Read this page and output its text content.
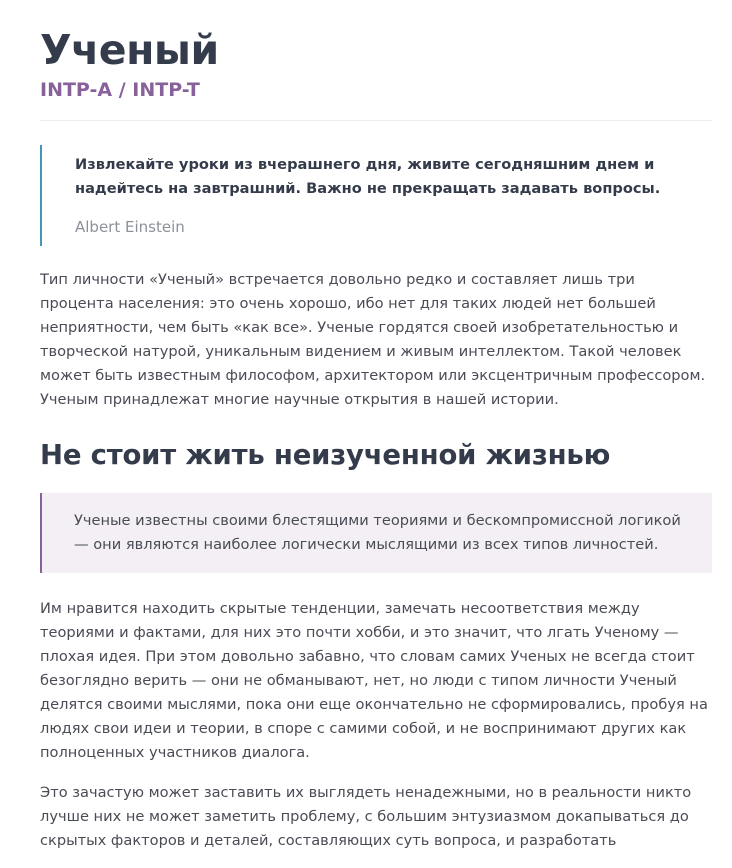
Ученый
INTP-A / INTP-T

Извлекайте уроки из вчерашнего дня, живите сегодняшним днем и надейтесь на завтрашний. Важно не прекращать задавать вопросы.

Albert Einstein

Тип личности «Ученый» встречается довольно редко и составляет лишь три процента населения: это очень хорошо, ибо нет для таких людей нет большей неприятности, чем быть «как все». Ученые гордятся своей изобретательностью и творческой натурой, уникальным видением и живым интеллектом. Такой человек может быть известным философом, архитектором или эксцентричным профессором. Ученым принадлежат многие научные открытия в нашей истории.

Не стоит жить неизученной жизнью

Ученые известны своими блестящими теориями и бескомпромиссной логикой — они являются наиболее логически мыслящими из всех типов личностей.

Им нравится находить скрытые тенденции, замечать несоответствия между теориями и фактами, для них это почти хобби, и это значит, что лгать Ученому — плохая идея. При этом довольно забавно, что словам самих Ученых не всегда стоит безоглядно верить — они не обманывают, нет, но люди с типом личности Ученый делятся своими мыслями, пока они еще окончательно не сформировались, пробуя на людях свои идеи и теории, в споре с самими собой, и не воспринимают других как полноценных участников диалога.

Это зачастую может заставить их выглядеть ненадежными, но в реальности никто лучше них не может заметить проблему, с большим энтузиазмом докапываться до скрытых факторов и деталей, составляющих суть вопроса, и разработать
